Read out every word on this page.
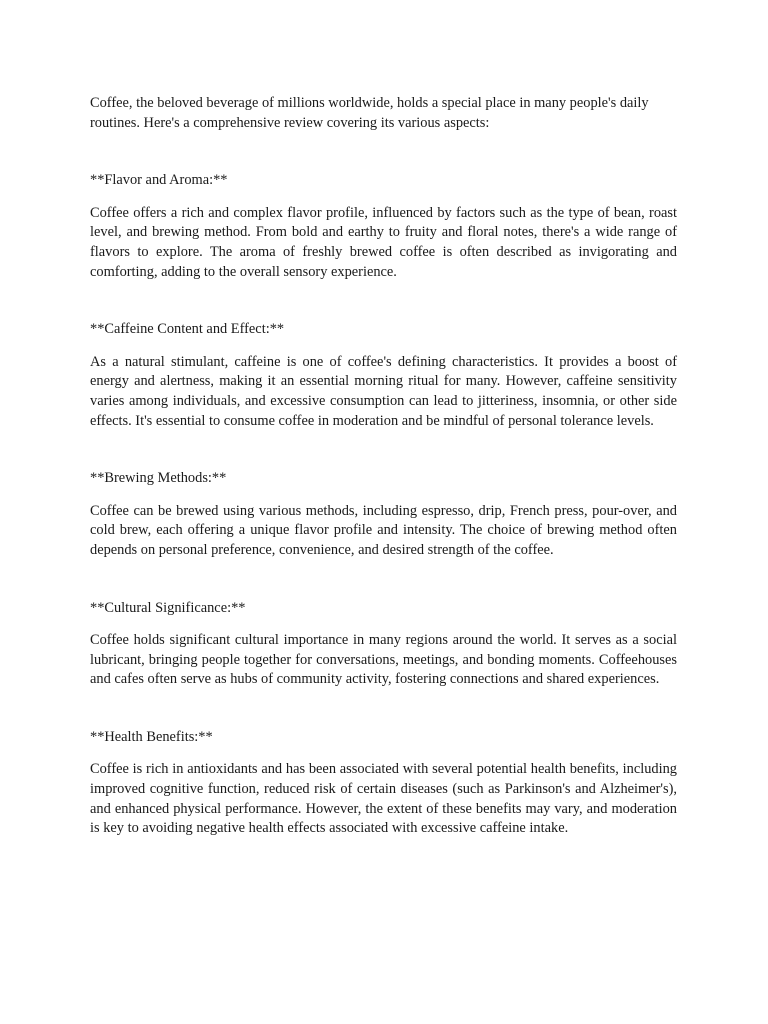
Coffee, the beloved beverage of millions worldwide, holds a special place in many people's daily routines. Here's a comprehensive review covering its various aspects:

**Flavor and Aroma:**

Coffee offers a rich and complex flavor profile, influenced by factors such as the type of bean, roast level, and brewing method. From bold and earthy to fruity and floral notes, there's a wide range of flavors to explore. The aroma of freshly brewed coffee is often described as invigorating and comforting, adding to the overall sensory experience.

**Caffeine Content and Effect:**

As a natural stimulant, caffeine is one of coffee's defining characteristics. It provides a boost of energy and alertness, making it an essential morning ritual for many. However, caffeine sensitivity varies among individuals, and excessive consumption can lead to jitteriness, insomnia, or other side effects. It's essential to consume coffee in moderation and be mindful of personal tolerance levels.

**Brewing Methods:**

Coffee can be brewed using various methods, including espresso, drip, French press, pour-over, and cold brew, each offering a unique flavor profile and intensity. The choice of brewing method often depends on personal preference, convenience, and desired strength of the coffee.

**Cultural Significance:**

Coffee holds significant cultural importance in many regions around the world. It serves as a social lubricant, bringing people together for conversations, meetings, and bonding moments. Coffeehouses and cafes often serve as hubs of community activity, fostering connections and shared experiences.

**Health Benefits:**

Coffee is rich in antioxidants and has been associated with several potential health benefits, including improved cognitive function, reduced risk of certain diseases (such as Parkinson's and Alzheimer's), and enhanced physical performance. However, the extent of these benefits may vary, and moderation is key to avoiding negative health effects associated with excessive caffeine intake.
